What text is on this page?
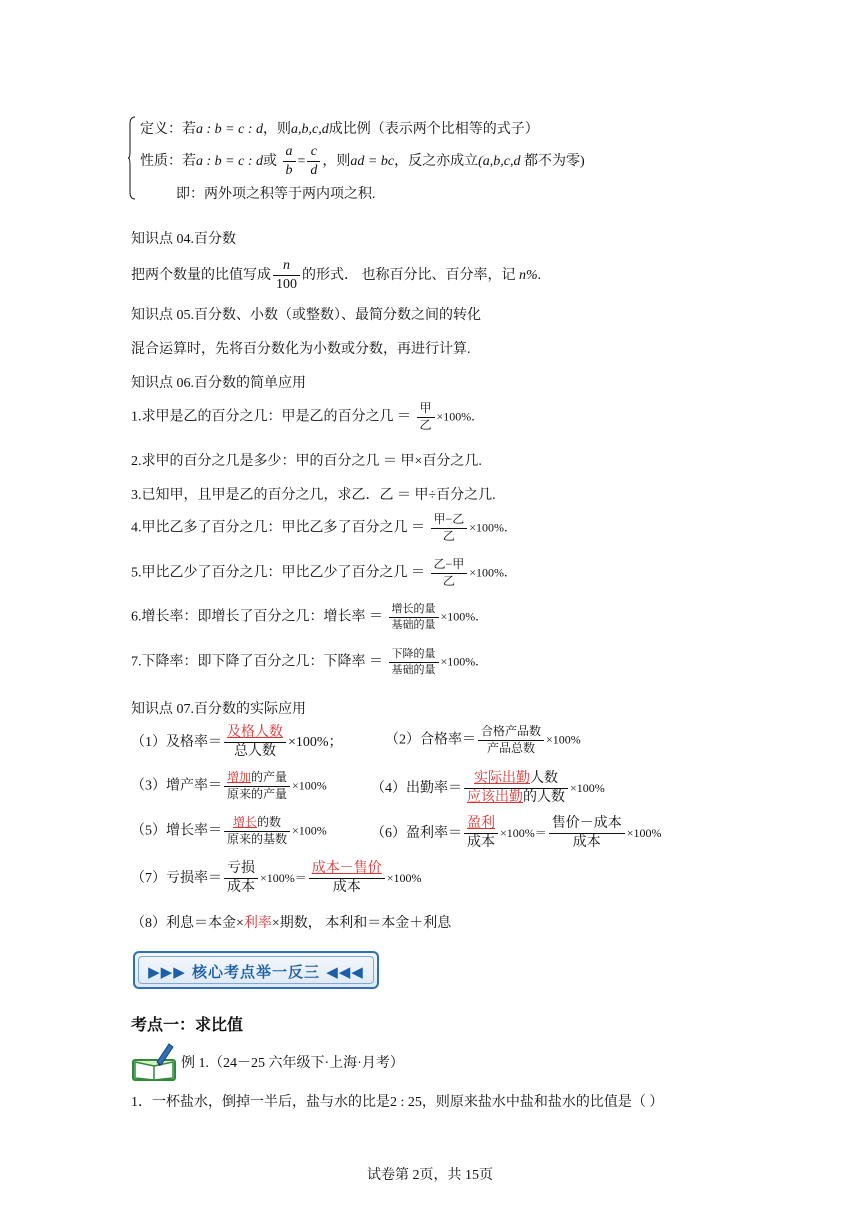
定义：若a : b = c : d，则a,b,c,d成比例（表示两个比相等的式子）
性质：若a : b = c : d或 $\frac{a}{b} = \frac{c}{d}$ ，则ad = bc，反之亦成立(a,b,c,d 都不为零)
即：两外项之积等于两内项之积.
知识点 04.百分数
把两个数量的比值写成 $\frac{n}{100}$ 的形式． 也称百分比、百分率，记 n%.
知识点 05.百分数、小数（或整数）、最简分数之间的转化
混合运算时，先将百分数化为小数或分数，再进行计算.
知识点 06.百分数的简单应用
1.求甲是乙的百分之几：甲是乙的百分之几 ＝ $\frac{\text{甲}}{\text{乙}} \times 100\%$.
2.求甲的百分之几是多少：甲的百分之几 ＝ 甲×百分之几.
3.已知甲，且甲是乙的百分之几，求乙．乙 ＝ 甲÷百分之几.
4.甲比乙多了百分之几：甲比乙多了百分之几 ＝ $\frac{\text{甲−乙}}{\text{乙}} \times 100\%$.
5.甲比乙少了百分之几：甲比乙少了百分之几 ＝ $\frac{\text{乙−甲}}{\text{乙}} \times 100\%$.
6.增长率：即增长了百分之几：增长率 ＝ $\frac{\text{增长的量}}{\text{基础的量}} \times 100\%$.
7.下降率：即下降了百分之几：下降率 ＝ $\frac{\text{下降的量}}{\text{基础的量}} \times 100\%$.
知识点 07.百分数的实际应用
（1）及格率＝ $\frac{\text{及格人数}}{\text{总人数}} \times 100\%$；	（2）合格率＝ $\frac{\text{合格产品数}}{\text{产品总数}} \times 100\%$
（3）增产率＝ $\frac{\text{增加的产量}}{\text{原来的产量}} \times 100\%$	（4）出勤率＝ $\frac{\text{实际出勤人数}}{\text{应该出勤的人数}} \times 100\%$
（5）增长率＝ $\frac{\text{增长的数}}{\text{原来的基数}} \times 100\%$	（6）盈利率＝ $\frac{\text{盈利}}{\text{成本}} \times 100\%= \frac{\text{售价－成本}}{\text{成本}} \times 100\%$
（7）亏损率＝ $\frac{\text{亏损}}{\text{成本}} \times 100\%= \frac{\text{成本－售价}}{\text{成本}} \times 100\%$
（8）利息＝本金×利率×期数， 本利和＝本金＋利息
▶▶▶ 核心考点举一反三 ◀◀◀
考点一：求比值
例 1.（24－25 六年级下·上海·月考）
1．一杯盐水，倒掉一半后，盐与水的比是2 : 25，则原来盐水中盐和盐水的比值是（ ）
试卷第 2页，共 15页
